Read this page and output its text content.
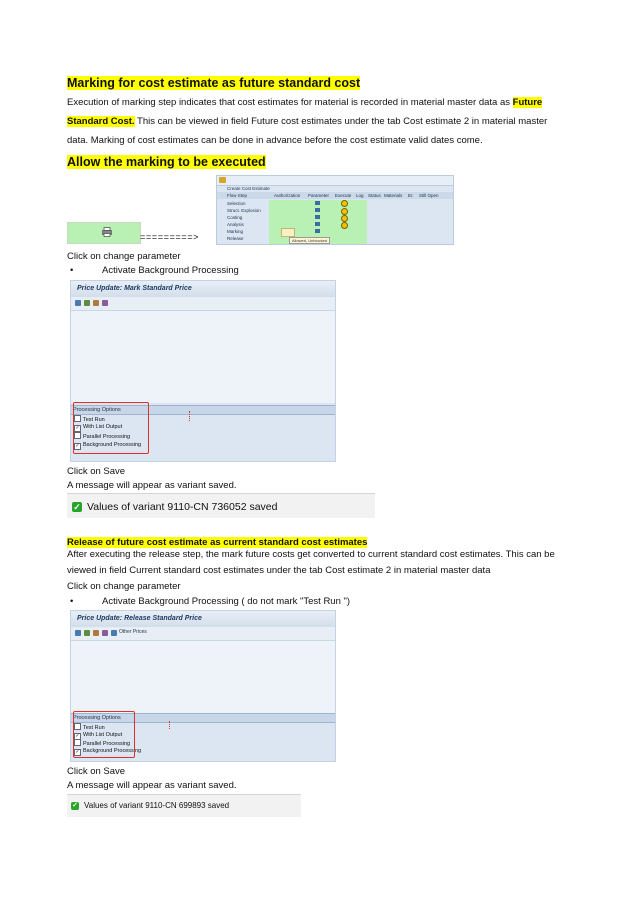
Marking for cost estimate as future standard cost
Execution of marking step indicates that cost estimates for material is recorded in material master data as Future Standard Cost. This can be viewed in field Future cost estimates under the tab Cost estimate 2 in material master data. Marking of cost estimates can be done in advance before the cost estimate valid dates come.
Allow the marking to be executed
=========>
Create Cost Estimate
Flow Step	Authorization Parameter Execute Log Status Materials Er. Still Open
Selection
Struct. Explosion
Costing
Analysis
Marking
Release	Allowed, Unblocked
Click on change parameter
•	Activate Background Processing
Price Update: Mark Standard Price
Processing Options
Test Run
✓ With List Output
Parallel Processing
✓ Background Processing
Click on Save
A message will appear as variant saved.
✓ Values of variant 9110-CN 736052 saved
Release of future cost estimate as current standard cost estimates
After executing the release step, the mark future costs get converted to current standard cost estimates. This can be viewed in field Current standard cost estimates under the tab Cost estimate 2 in material master data
Click on change parameter
•	Activate Background Processing ( do not mark "Test Run ")
Price Update: Release Standard Price
Other Prices
Processing Options
Test Run
✓ With List Output
Parallel Processing
✓ Background Processing
Click on Save
A message will appear as variant saved.
✓ Values of variant 9110-CN 699893 saved
